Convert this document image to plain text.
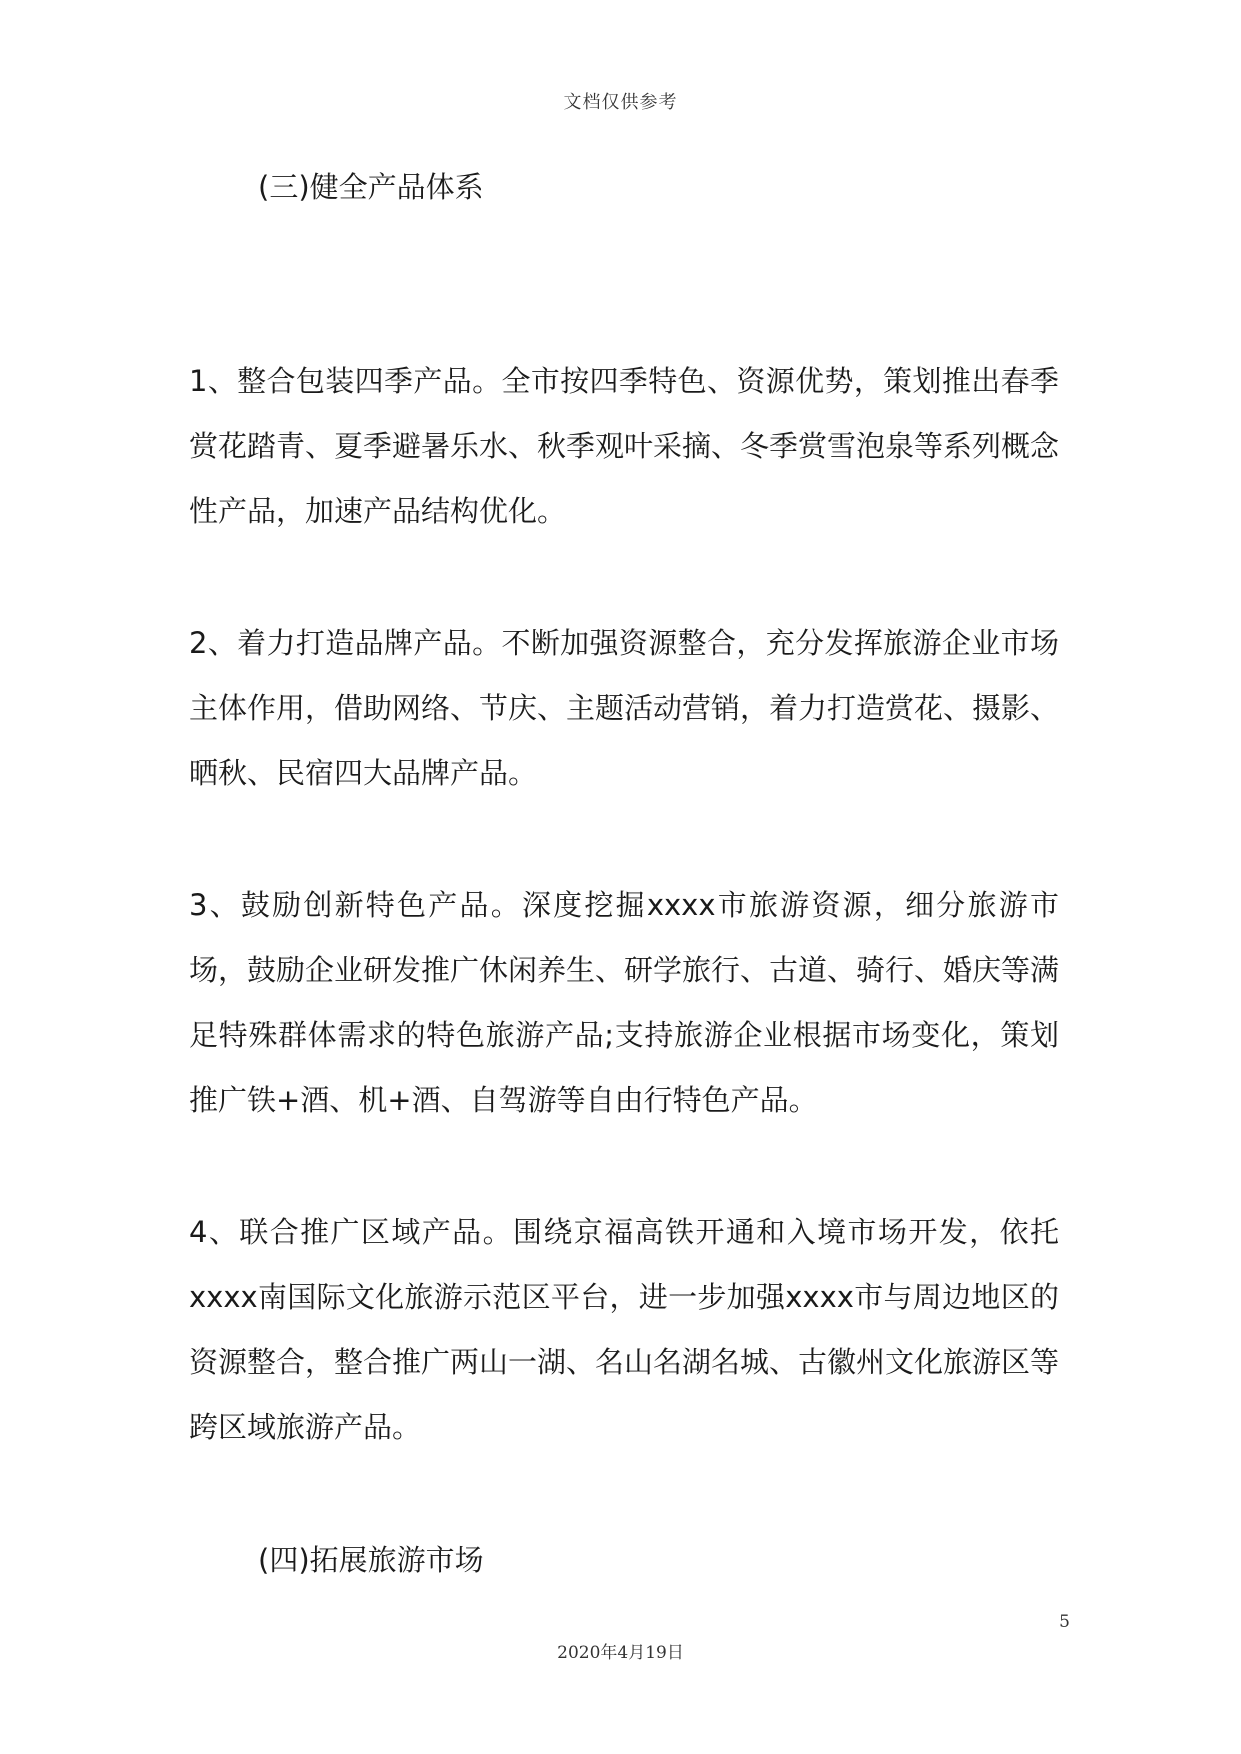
文档仅供参考
(三)健全产品体系

1、整合包装四季产品。全市按四季特色、资源优势，策划推出春季赏花踏青、夏季避暑乐水、秋季观叶采摘、冬季赏雪泡泉等系列概念性产品，加速产品结构优化。

2、着力打造品牌产品。不断加强资源整合，充分发挥旅游企业市场主体作用，借助网络、节庆、主题活动营销，着力打造赏花、摄影、晒秋、民宿四大品牌产品。

3、鼓励创新特色产品。深度挖掘xxxx市旅游资源，细分旅游市场，鼓励企业研发推广休闲养生、研学旅行、古道、骑行、婚庆等满足特殊群体需求的特色旅游产品;支持旅游企业根据市场变化，策划推广铁+酒、机+酒、自驾游等自由行特色产品。

4、联合推广区域产品。围绕京福高铁开通和入境市场开发，依托xxxx南国际文化旅游示范区平台，进一步加强xxxx市与周边地区的资源整合，整合推广两山一湖、名山名湖名城、古徽州文化旅游区等跨区域旅游产品。

(四)拓展旅游市场
5
2020年4月19日
